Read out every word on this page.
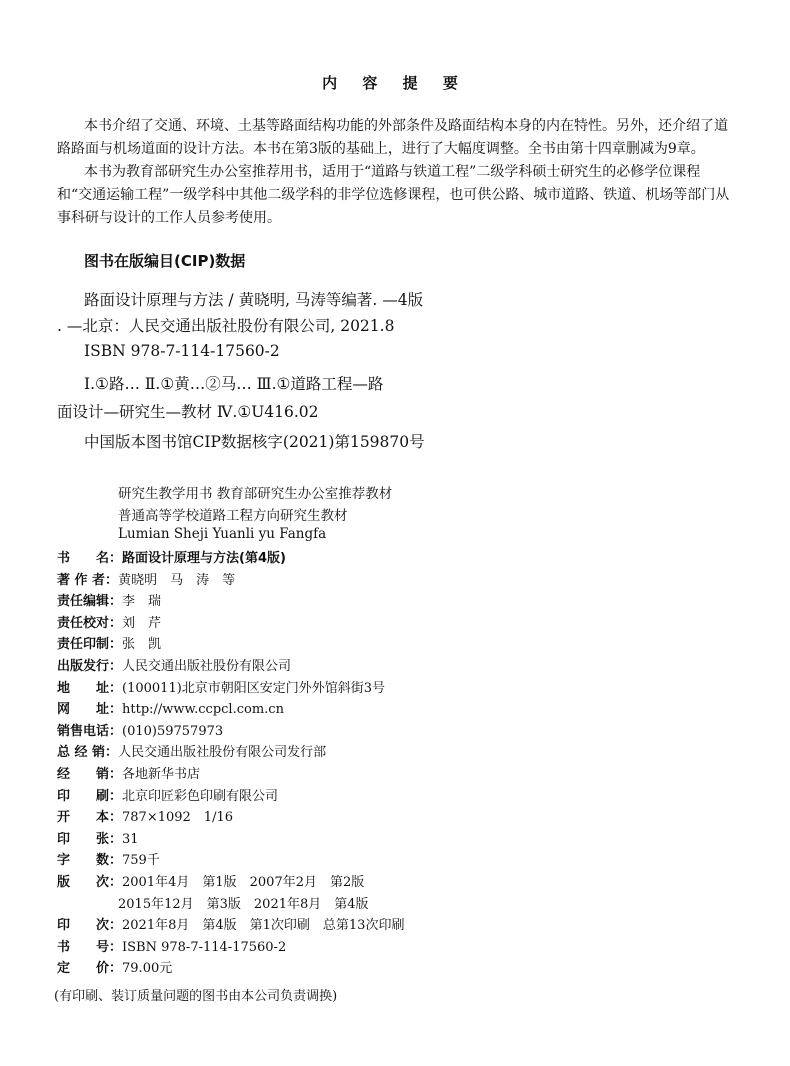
内 容 提 要
本书介绍了交通、环境、土基等路面结构功能的外部条件及路面结构本身的内在特性。另外，还介绍了道
路路面与机场道面的设计方法。本书在第3版的基础上，进行了大幅度调整。全书由第十四章删减为9章。
本书为教育部研究生办公室推荐用书，适用于“道路与铁道工程”二级学科硕士研究生的必修学位课程
和“交通运输工程”一级学科中其他二级学科的非学位选修课程，也可供公路、城市道路、铁道、机场等部门从
事科研与设计的工作人员参考使用。
图书在版编目(CIP)数据
路面设计原理与方法 / 黄晓明, 马涛等编著. —4版
. —北京：人民交通出版社股份有限公司, 2021.8
ISBN 978-7-114-17560-2
Ⅰ.①路… Ⅱ.①黄…②马… Ⅲ.①道路工程—路
面设计—研究生—教材 Ⅳ.①U416.02
中国版本图书馆CIP数据核字(2021)第159870号
研究生教学用书 教育部研究生办公室推荐教材
普通高等学校道路工程方向研究生教材
Lumian Sheji Yuanli yu Fangfa
书　　名：路面设计原理与方法(第4版)
著 作 者：黄晓明　马　涛　等
责任编辑：李　瑞
责任校对：刘　芹
责任印制：张　凯
出版发行：人民交通出版社股份有限公司
地　　址：(100011)北京市朝阳区安定门外外馆斜街3号
网　　址：http://www.ccpcl.com.cn
销售电话：(010)59757973
总 经 销：人民交通出版社股份有限公司发行部
经　　销：各地新华书店
印　　刷：北京印匠彩色印刷有限公司
开　　本：787×1092　1/16
印　　张：31
字　　数：759千
版　　次：2001年4月　第1版　2007年2月　第2版
2015年12月　第3版　2021年8月　第4版
印　　次：2021年8月　第4版　第1次印刷　总第13次印刷
书　　号：ISBN 978-7-114-17560-2
定　　价：79.00元
(有印刷、装订质量问题的图书由本公司负责调换)
